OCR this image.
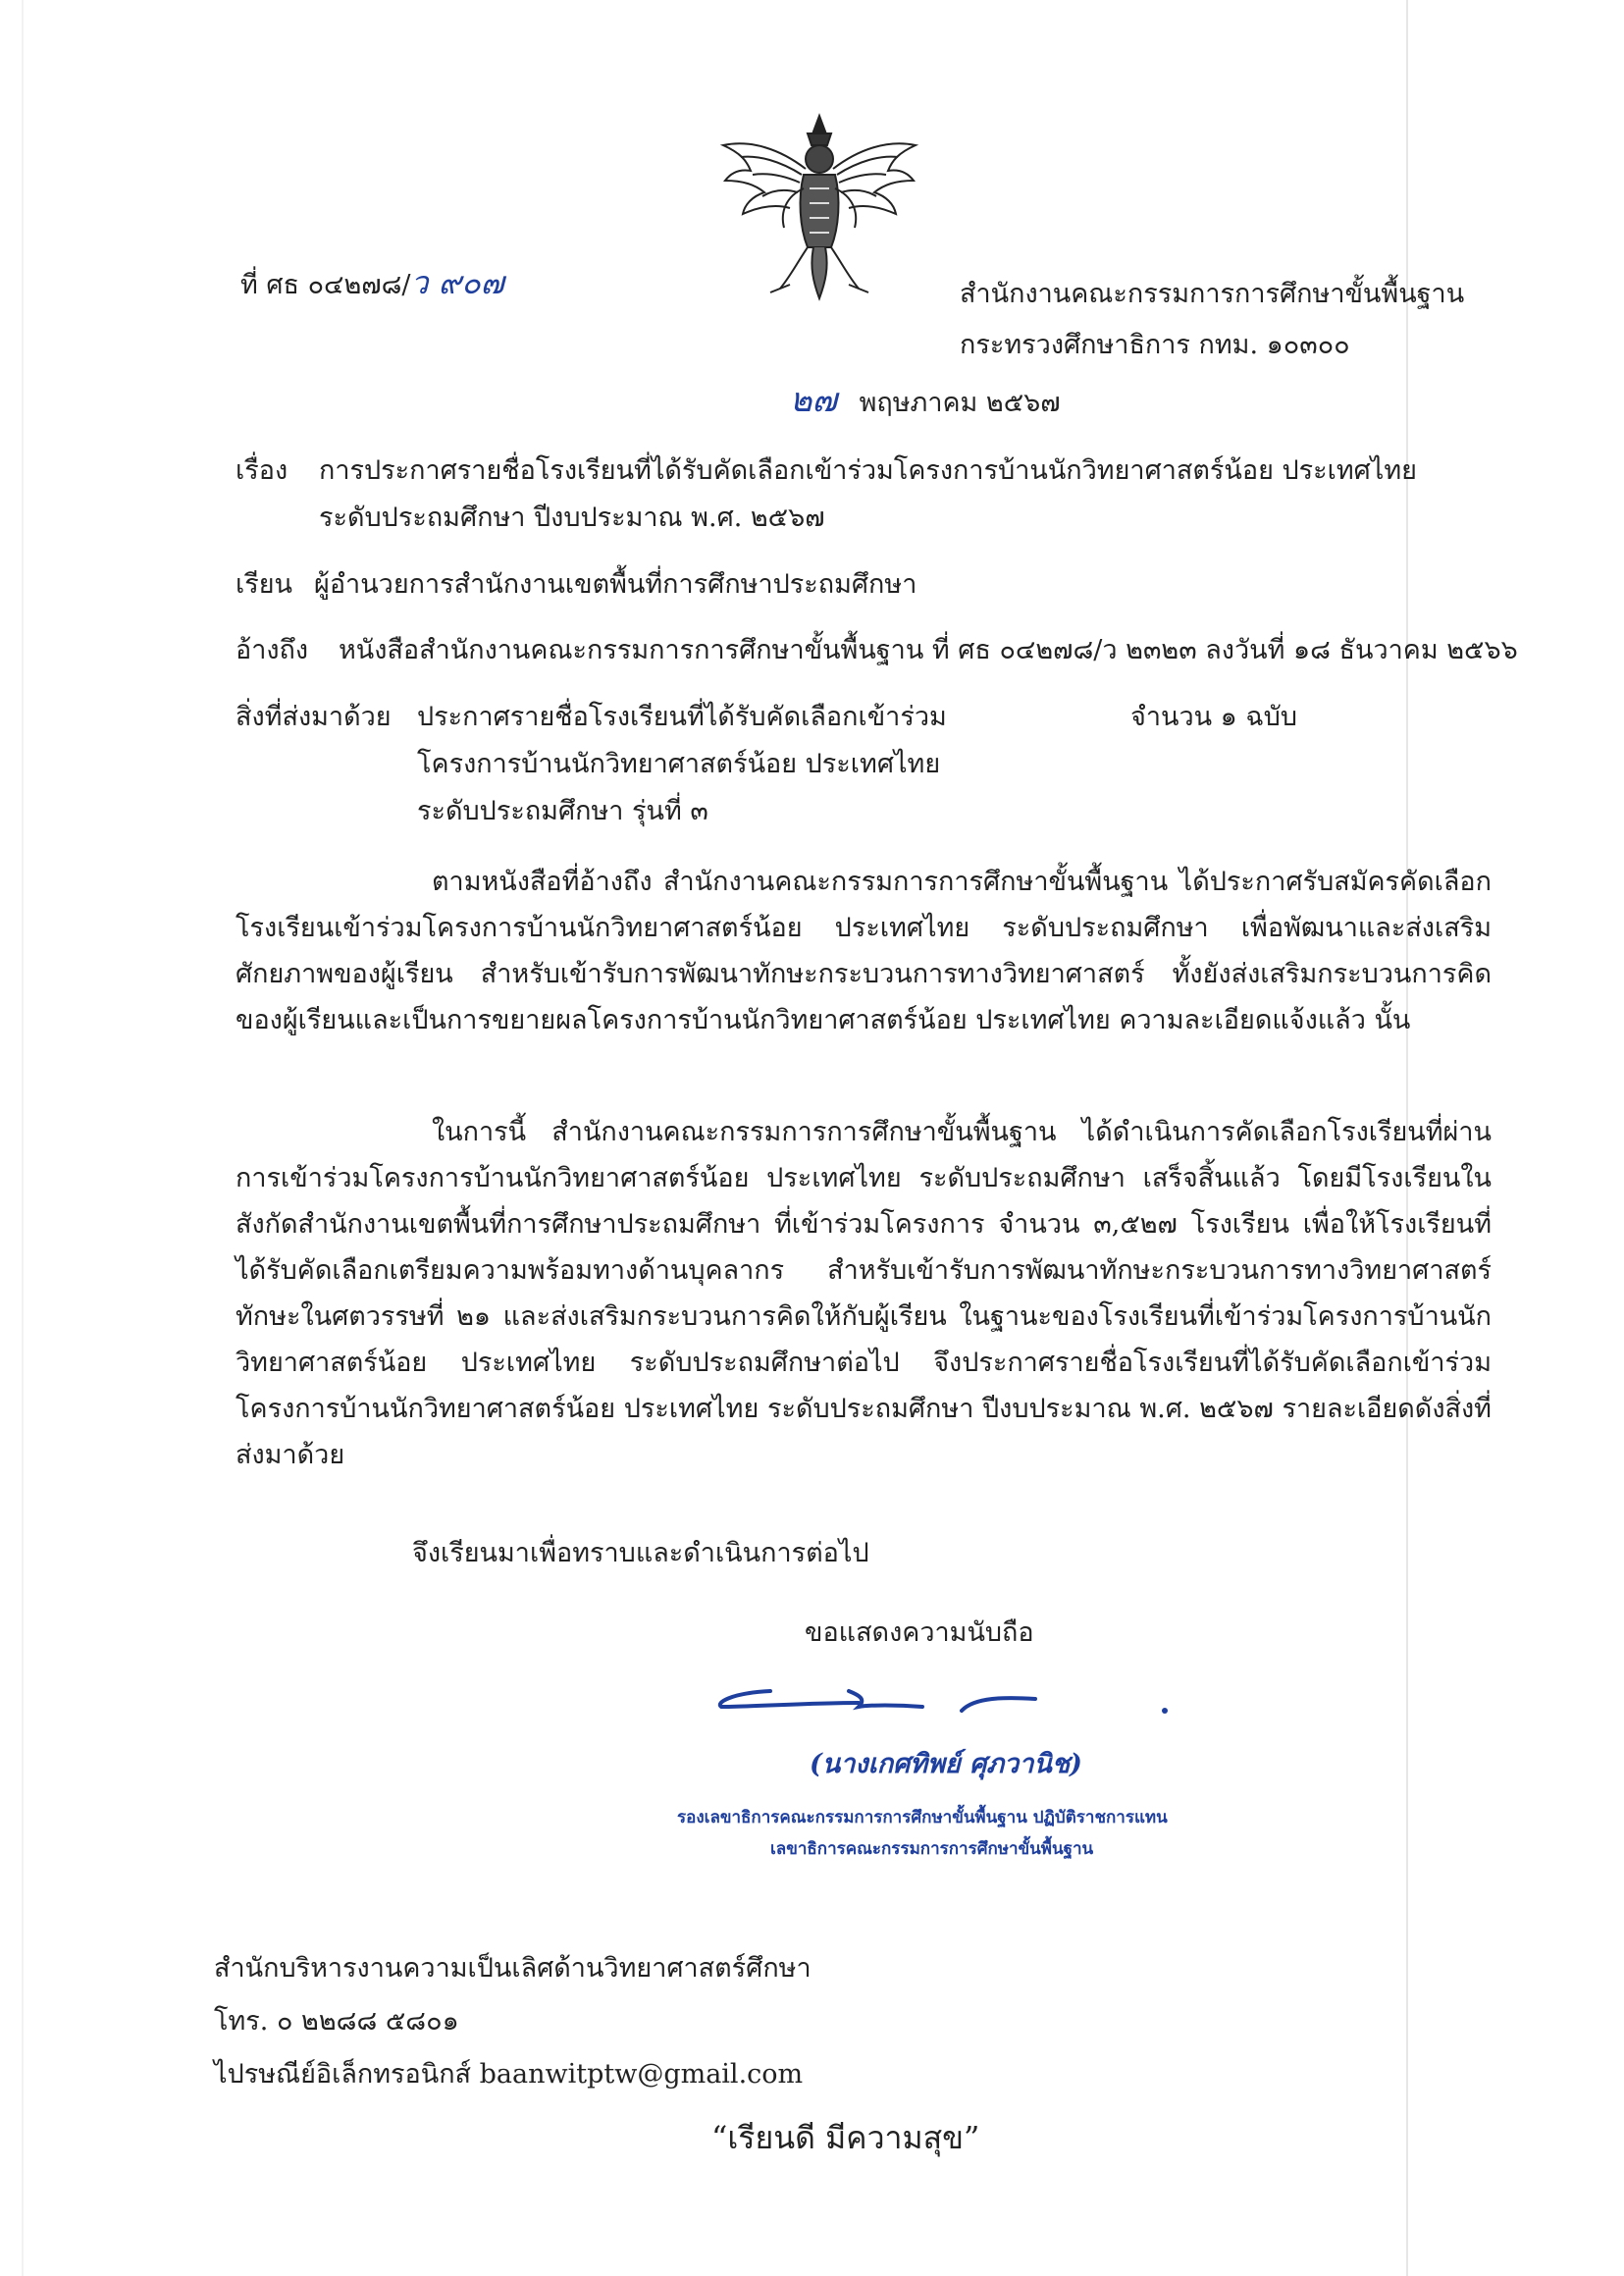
ที่ ศธ ๐๔๒๗๘/ว ๙๐๗	สำนักงานคณะกรรมการการศึกษาขั้นพื้นฐาน
กระทรวงศึกษาธิการ กทม. ๑๐๓๐๐
๒๗ พฤษภาคม ๒๕๖๗
เรื่อง การประกาศรายชื่อโรงเรียนที่ได้รับคัดเลือกเข้าร่วมโครงการบ้านนักวิทยาศาสตร์น้อย ประเทศไทย
ระดับประถมศึกษา ปีงบประมาณ พ.ศ. ๒๕๖๗
เรียน ผู้อำนวยการสำนักงานเขตพื้นที่การศึกษาประถมศึกษา
อ้างถึง หนังสือสำนักงานคณะกรรมการการศึกษาขั้นพื้นฐาน ที่ ศธ ๐๔๒๗๘/ว ๒๓๒๓ ลงวันที่ ๑๘ ธันวาคม ๒๕๖๖
สิ่งที่ส่งมาด้วย ประกาศรายชื่อโรงเรียนที่ได้รับคัดเลือกเข้าร่วม
โครงการบ้านนักวิทยาศาสตร์น้อย ประเทศไทย
ระดับประถมศึกษา รุ่นที่ ๓
จำนวน ๑ ฉบับ
ตามหนังสือที่อ้างถึง สำนักงานคณะกรรมการการศึกษาขั้นพื้นฐาน ได้ประกาศรับสมัครคัดเลือกโรงเรียนเข้าร่วมโครงการบ้านนักวิทยาศาสตร์น้อย ประเทศไทย ระดับประถมศึกษา เพื่อพัฒนาและส่งเสริมศักยภาพของผู้เรียน สำหรับเข้ารับการพัฒนาทักษะกระบวนการทางวิทยาศาสตร์ ทั้งยังส่งเสริมกระบวนการคิดของผู้เรียนและเป็นการขยายผลโครงการบ้านนักวิทยาศาสตร์น้อย ประเทศไทย ความละเอียดแจ้งแล้ว นั้น
ในการนี้ สำนักงานคณะกรรมการการศึกษาขั้นพื้นฐาน ได้ดำเนินการคัดเลือกโรงเรียนที่ผ่านการเข้าร่วมโครงการบ้านนักวิทยาศาสตร์น้อย ประเทศไทย ระดับประถมศึกษา เสร็จสิ้นแล้ว โดยมีโรงเรียนในสังกัดสำนักงานเขตพื้นที่การศึกษาประถมศึกษา ที่เข้าร่วมโครงการ จำนวน ๓,๕๒๗ โรงเรียน เพื่อให้โรงเรียนที่ได้รับคัดเลือกเตรียมความพร้อมทางด้านบุคลากร สำหรับเข้ารับการพัฒนาทักษะกระบวนการทางวิทยาศาสตร์ ทักษะในศตวรรษที่ ๒๑ และส่งเสริมกระบวนการคิดให้กับผู้เรียน ในฐานะของโรงเรียนที่เข้าร่วมโครงการบ้านนักวิทยาศาสตร์น้อย ประเทศไทย ระดับประถมศึกษาต่อไป จึงประกาศรายชื่อโรงเรียนที่ได้รับคัดเลือกเข้าร่วมโครงการบ้านนักวิทยาศาสตร์น้อย ประเทศไทย ระดับประถมศึกษา ปีงบประมาณ พ.ศ. ๒๕๖๗ รายละเอียดดังสิ่งที่ส่งมาด้วย
จึงเรียนมาเพื่อทราบและดำเนินการต่อไป
ขอแสดงความนับถือ
(นางเกศทิพย์ ศุภวานิช)
รองเลขาธิการคณะกรรมการการศึกษาขั้นพื้นฐาน ปฏิบัติราชการแทน
เลขาธิการคณะกรรมการการศึกษาขั้นพื้นฐาน
สำนักบริหารงานความเป็นเลิศด้านวิทยาศาสตร์ศึกษา
โทร. ๐ ๒๒๘๘ ๕๘๐๑
ไปรษณีย์อิเล็กทรอนิกส์ baanwitptw@gmail.com
“เรียนดี มีความสุข”
